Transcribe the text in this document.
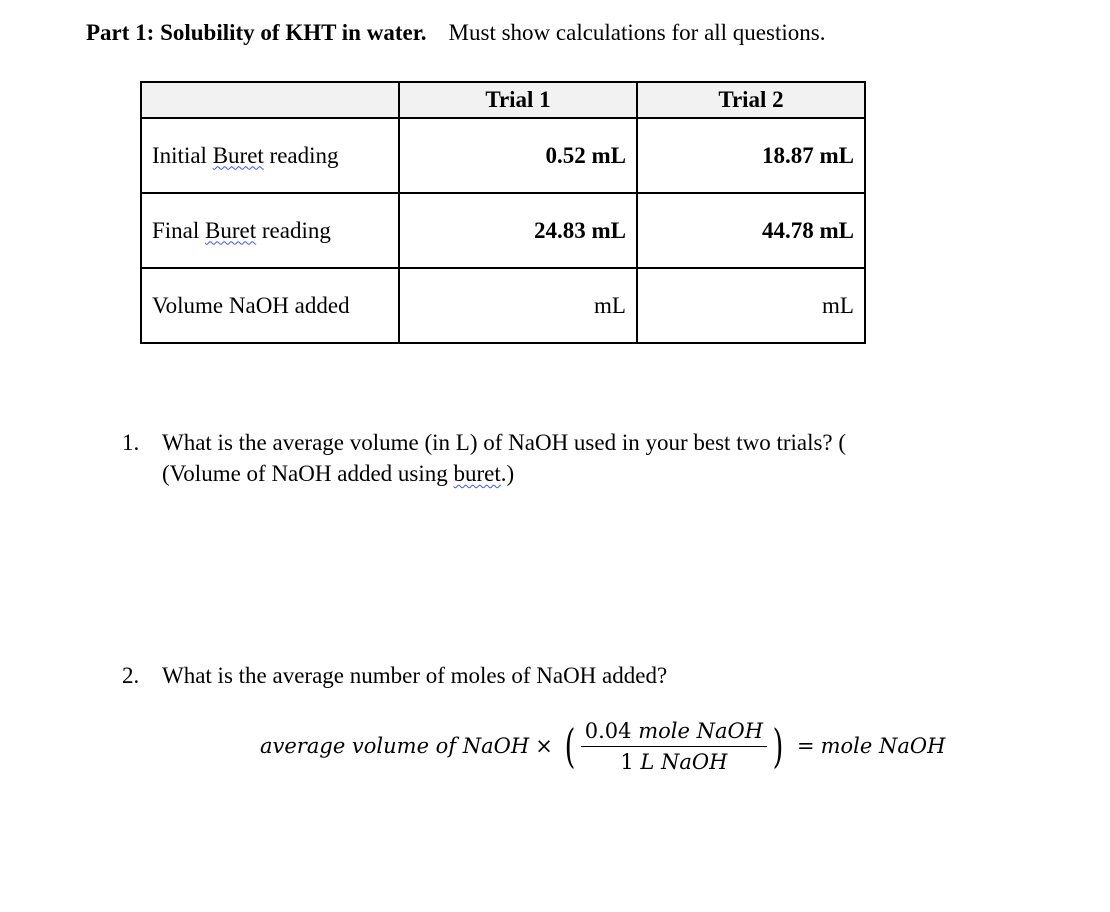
Part 1: Solubility of KHT in water. Must show calculations for all questions.
	Trial 1	Trial 2
Initial Buret reading	0.52 mL	18.87 mL
Final Buret reading	24.83 mL	44.78 mL
Volume NaOH added	mL	mL
1. What is the average volume (in L) of NaOH used in your best two trials? (
(Volume of NaOH added using buret.)
2. What is the average number of moles of NaOH added?
average volume of NaOH × ( $\frac{\text{0.04 mole NaOH}}{\text{1 L NaOH}}$ ) = mole NaOH
